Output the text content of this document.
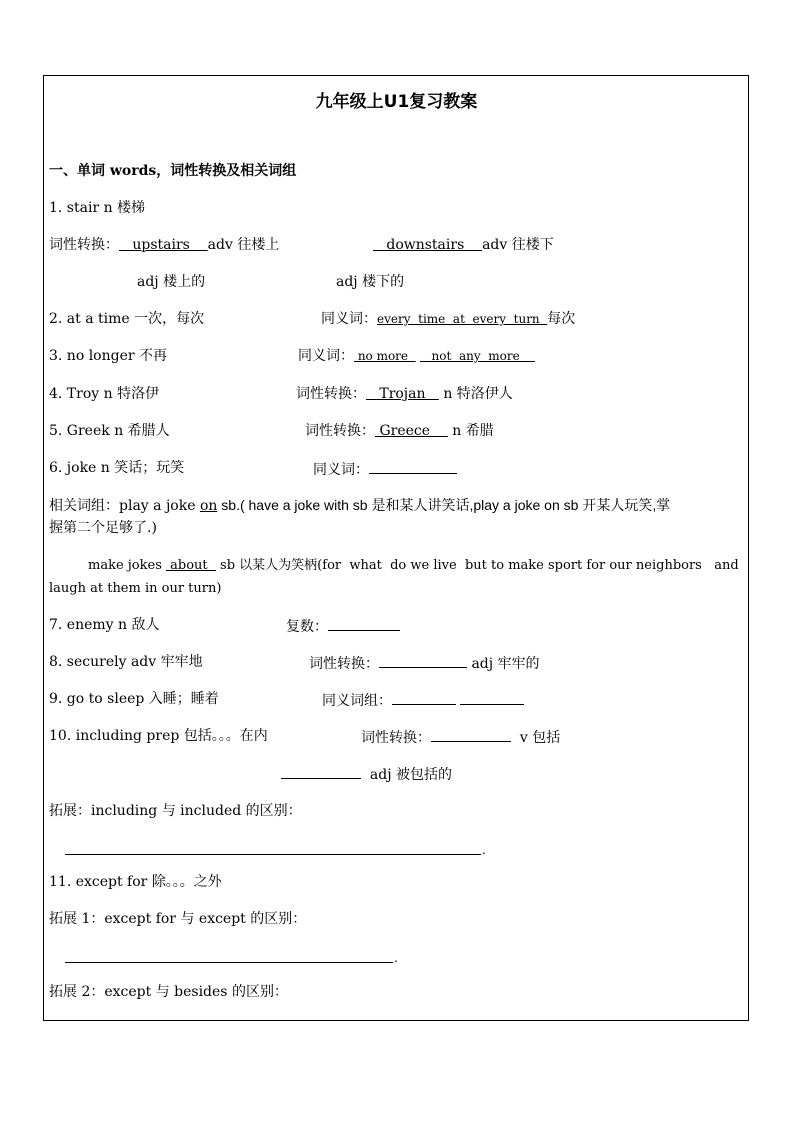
九年级上U1复习教案
一、单词 words，词性转换及相关词组
1. stair n 楼梯
词性转换：   upstairs    adv 往楼上	downstairs    adv 往楼下
adj 楼上的	adj 楼下的
2. at a time 一次，每次	同义词：every  time  at  every  turn  每次
3. no longer 不再	同义词： no more      not  any  more
4. Troy n 特洛伊	词性转换：   Trojan    n 特洛伊人
5. Greek n 希腊人	词性转换： Greece     n 希腊
6. joke n 笑话；玩笑	同义词：
相关词组：play a joke on sb.( have a joke with sb 是和某人讲笑话,play a joke on sb 开某人玩笑,掌
握第二个足够了.)
make jokes  about   sb 以某人为笑柄(for  what  do we live  but to make sport for our neighbors   and
laugh at them in our turn)
7. enemy n 敌人	复数：
8. securely adv 牢牢地	词性转换：	adj 牢牢的
9. go to sleep 入睡；睡着	同义词组：
10. including prep 包括。。。在内	词性转换：	v 包括
adj 被包括的
拓展：including 与 included 的区别：
.
11. except for 除。。。之外
拓展 1：except for 与 except 的区别：
.
拓展 2：except 与 besides 的区别：
